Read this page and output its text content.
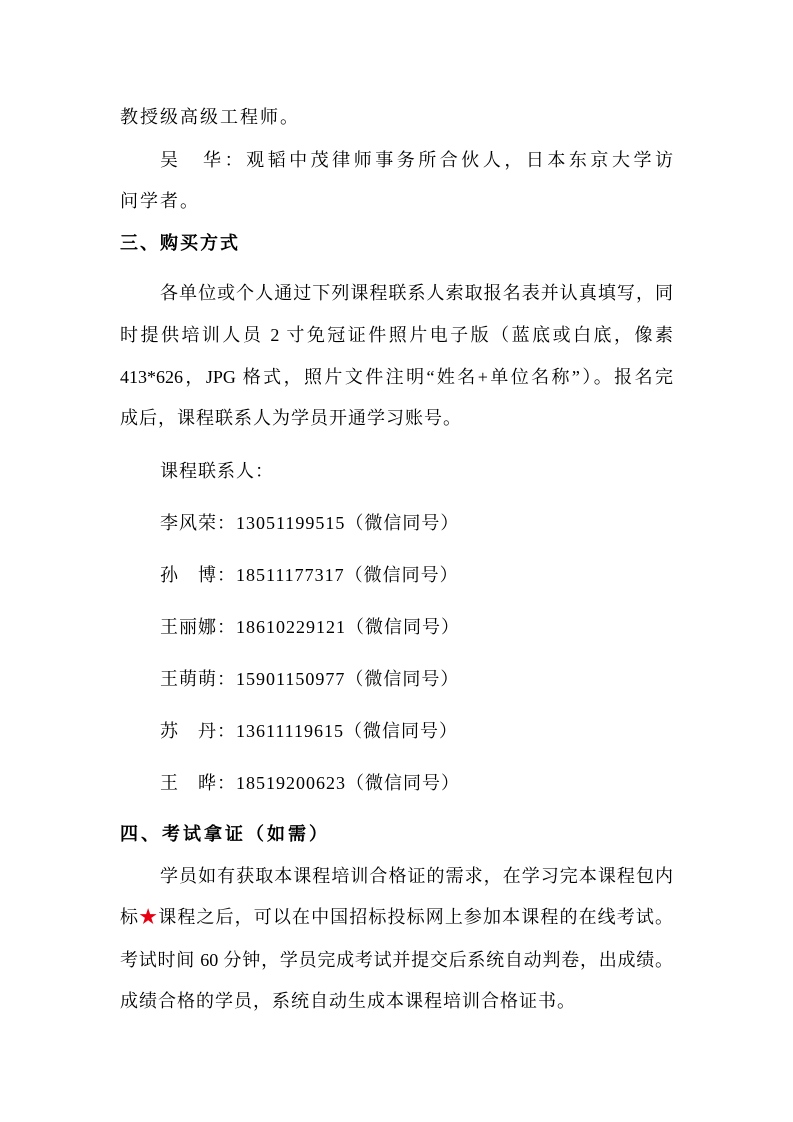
教授级高级工程师。
吴　华：观韬中茂律师事务所合伙人，日本东京大学访
问学者。
三、购买方式
各单位或个人通过下列课程联系人索取报名表并认真填写，同
时提供培训人员 2 寸免冠证件照片电子版（蓝底或白底，像素
413*626，JPG 格式，照片文件注明“姓名+单位名称”）。报名完
成后，课程联系人为学员开通学习账号。
课程联系人：
李风荣：13051199515（微信同号）
孙　博：18511177317（微信同号）
王丽娜：18610229121（微信同号）
王萌萌：15901150977（微信同号）
苏　丹：13611119615（微信同号）
王　晔：18519200623（微信同号）
四、考试拿证（如需）
学员如有获取本课程培训合格证的需求，在学习完本课程包内
标★课程之后，可以在中国招标投标网上参加本课程的在线考试。
考试时间 60 分钟，学员完成考试并提交后系统自动判卷，出成绩。
成绩合格的学员，系统自动生成本课程培训合格证书。
